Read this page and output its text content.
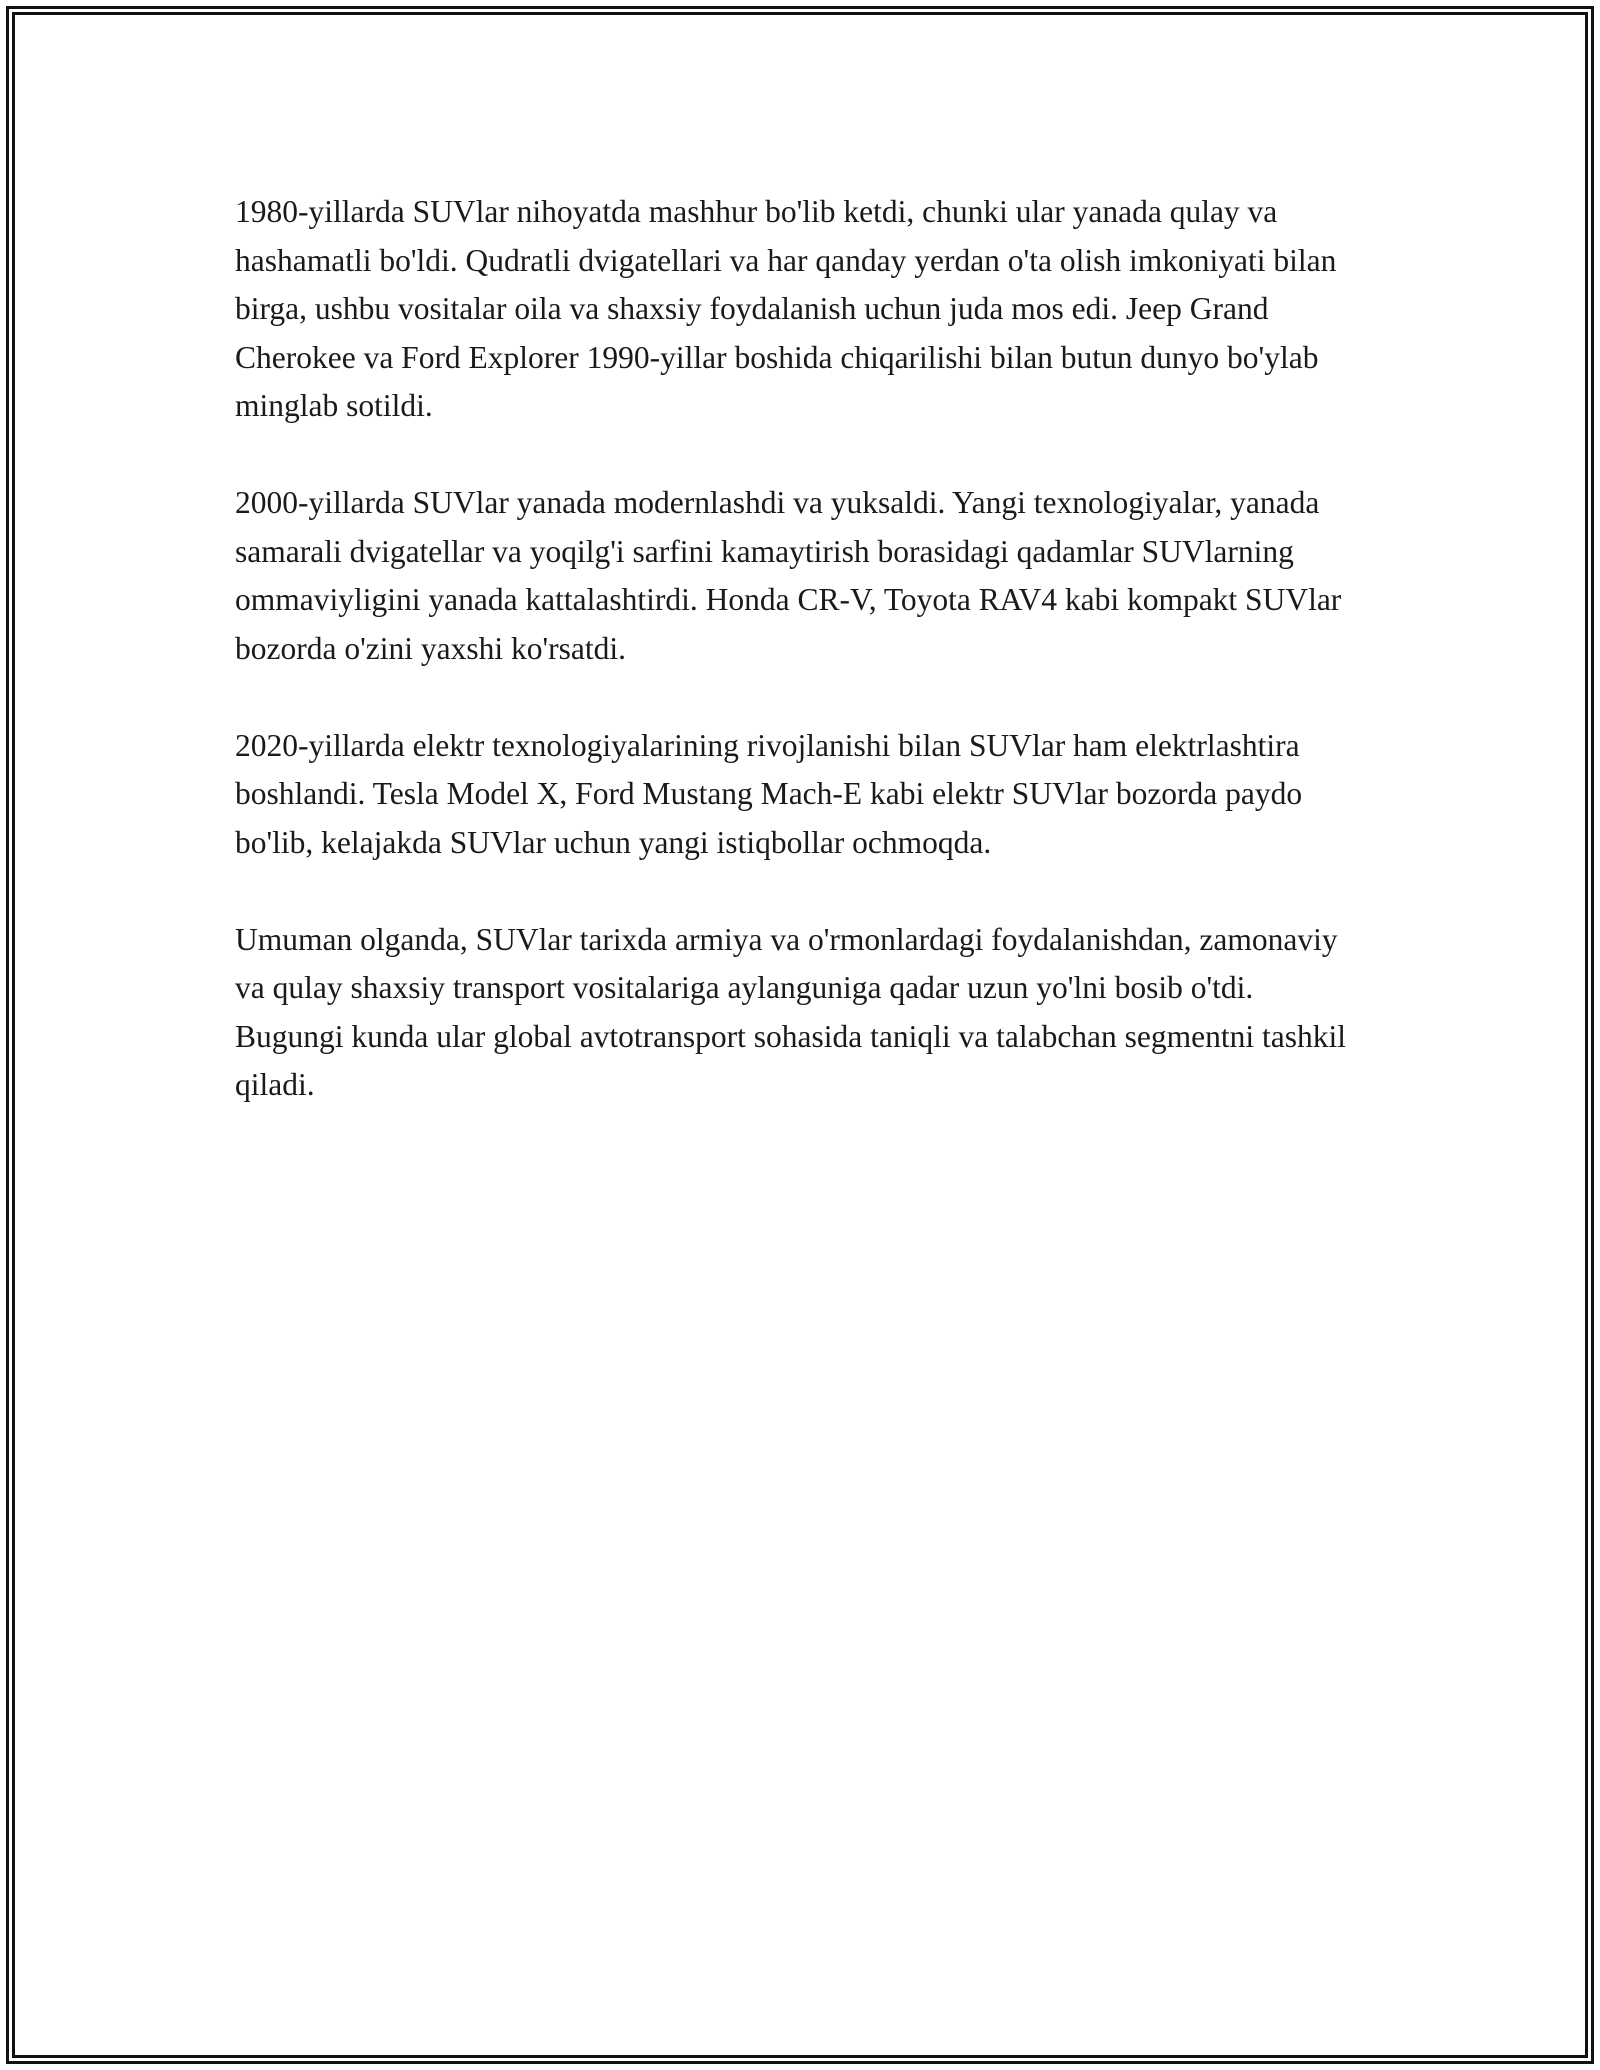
1980-yillarda SUVlar nihoyatda mashhur bo'lib ketdi, chunki ular yanada qulay va hashamatli bo'ldi. Qudratli dvigatellari va har qanday yerdan o'ta olish imkoniyati bilan birga, ushbu vositalar oila va shaxsiy foydalanish uchun juda mos edi. Jeep Grand Cherokee va Ford Explorer 1990-yillar boshida chiqarilishi bilan butun dunyo bo'ylab minglab sotildi.

2000-yillarda SUVlar yanada modernlashdi va yuksaldi. Yangi texnologiyalar, yanada samarali dvigatellar va yoqilg'i sarfini kamaytirish borasidagi qadamlar SUVlarning ommaviyligini yanada kattalashtirdi. Honda CR-V, Toyota RAV4 kabi kompakt SUVlar bozorda o'zini yaxshi ko'rsatdi.

2020-yillarda elektr texnologiyalarining rivojlanishi bilan SUVlar ham elektrlashtira boshlandi. Tesla Model X, Ford Mustang Mach-E kabi elektr SUVlar bozorda paydo bo'lib, kelajakda SUVlar uchun yangi istiqbollar ochmoqda.

Umuman olganda, SUVlar tarixda armiya va o'rmonlardagi foydalanishdan, zamonaviy va qulay shaxsiy transport vositalariga aylanguniga qadar uzun yo'lni bosib o'tdi. Bugungi kunda ular global avtotransport sohasida taniqli va talabchan segmentni tashkil qiladi.
